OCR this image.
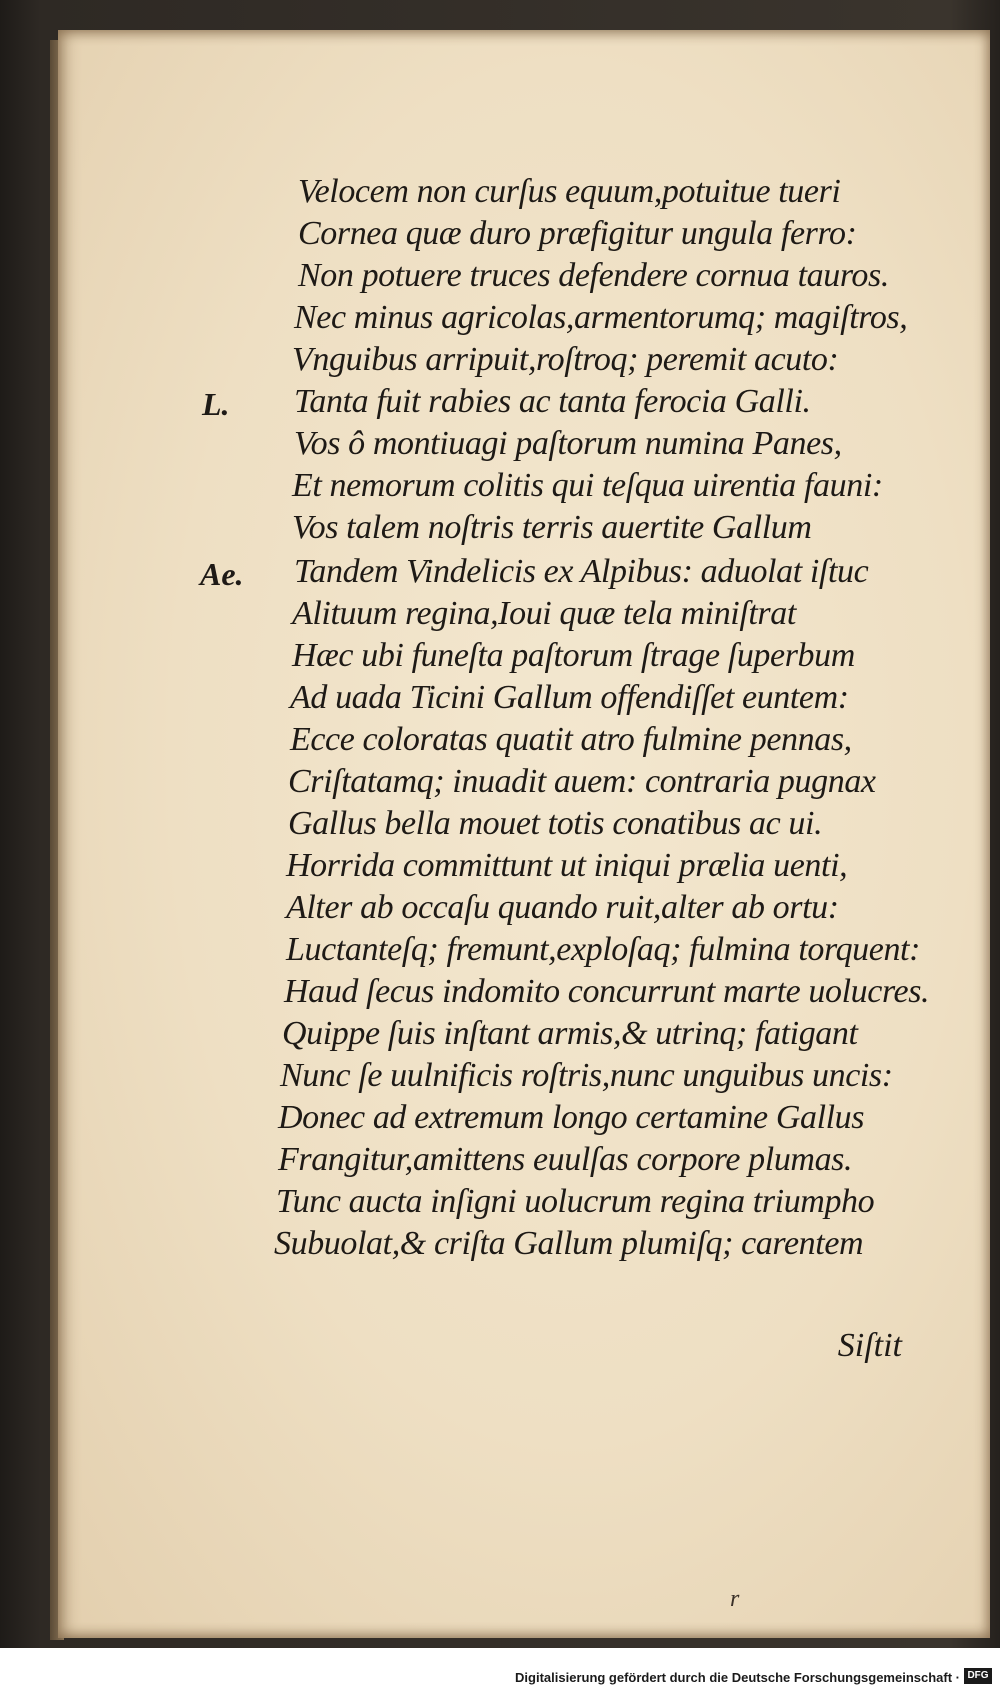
L.
Ae.
Velocem non curſus equum,potuitue tueri
Cornea quæ duro præfigitur ungula ferro:
Non potuere truces defendere cornua tauros.
Nec minus agricolas,armentorumq; magiſtros,
Vnguibus arripuit,roſtroq; peremit acuto:
Tanta fuit rabies ac tanta ferocia Galli.
Vos ô montiuagi paſtorum numina Panes,
Et nemorum colitis qui teſqua uirentia fauni:
Vos talem noſtris terris auertite Gallum
Tandem Vindelicis ex Alpibus: aduolat iſtuc
Alituum regina,Ioui quæ tela miniſtrat
Hæc ubi funeſta paſtorum ſtrage ſuperbum
Ad uada Ticini Gallum offendiſſet euntem:
Ecce coloratas quatit atro fulmine pennas,
Criſtatamq; inuadit auem: contraria pugnax
Gallus bella mouet totis conatibus ac ui.
Horrida committunt ut iniqui prælia uenti,
Alter ab occaſu quando ruit,alter ab ortu:
Luctanteſq; fremunt,exploſaq; fulmina torquent:
Haud ſecus indomito concurrunt marte uolucres.
Quippe ſuis inſtant armis,& utrinq; fatigant
Nunc ſe uulnificis roſtris,nunc unguibus uncis:
Donec ad extremum longo certamine Gallus
Frangitur,amittens euulſas corpore plumas.
Tunc aucta inſigni uolucrum regina triumpho
Subuolat,& criſta Gallum plumiſq; carentem
Siſtit
r
Digitalisierung gefördert durch die Deutsche Forschungsgemeinschaft · DFG
